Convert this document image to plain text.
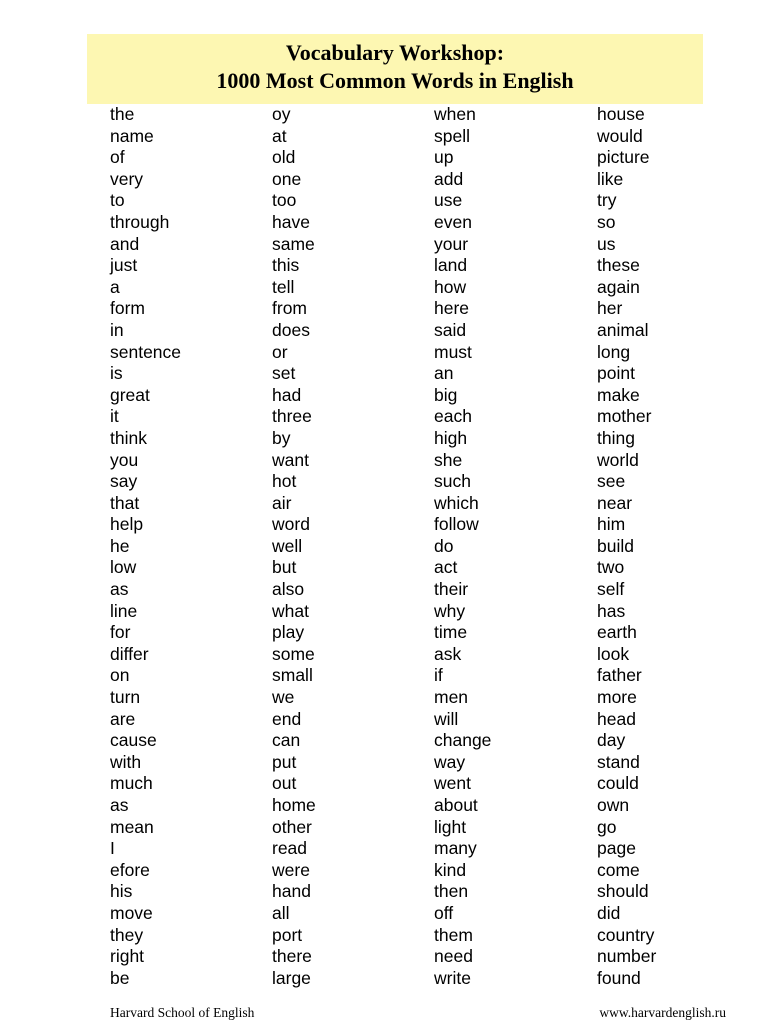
Vocabulary Workshop:
1000 Most Common Words in English
the
name
of
very
to
through
and
just
a
form
in
sentence
is
great
it
think
you
say
that
help
he
low
as
line
for
differ
on
turn
are
cause
with
much
as
mean
I
efore
his
move
they
right
be
oy
at
old
one
too
have
same
this
tell
from
does
or
set
had
three
by
want
hot
air
word
well
but
also
what
play
some
small
we
end
can
put
out
home
other
read
were
hand
all
port
there
large
when
spell
up
add
use
even
your
land
how
here
said
must
an
big
each
high
she
such
which
follow
do
act
their
why
time
ask
if
men
will
change
way
went
about
light
many
kind
then
off
them
need
write
house
would
picture
like
try
so
us
these
again
her
animal
long
point
make
mother
thing
world
see
near
him
build
two
self
has
earth
look
father
more
head
day
stand
could
own
go
page
come
should
did
country
number
found
Harvard School of English	www.harvardenglish.ru
